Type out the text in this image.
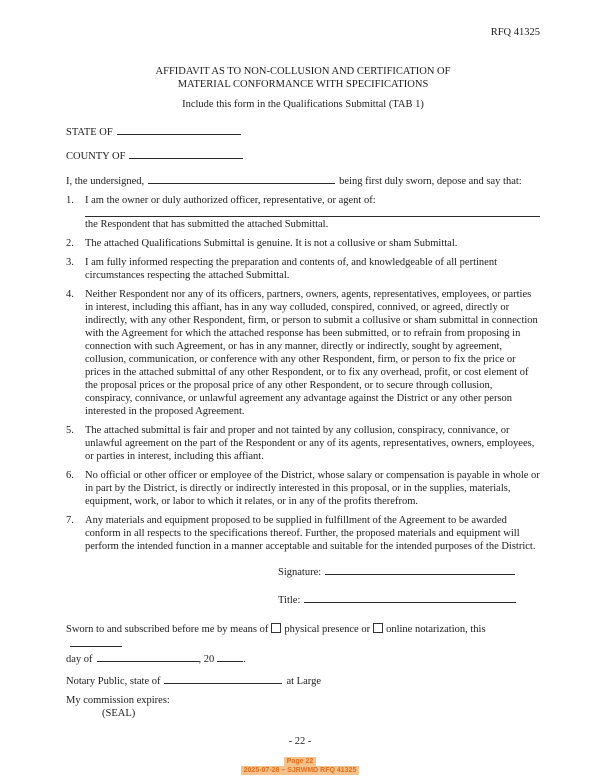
RFQ 41325
AFFIDAVIT AS TO NON-COLLUSION AND CERTIFICATION OF
MATERIAL CONFORMANCE WITH SPECIFICATIONS
Include this form in the Qualifications Submittal (TAB 1)
STATE OF
COUNTY OF
I, the undersigned,	being first duly sworn, depose and say that:
1.	I am the owner or duly authorized officer, representative, or agent of:
the Respondent that has submitted the attached Submittal.
2.	The attached Qualifications Submittal is genuine. It is not a collusive or sham Submittal.
3.	I am fully informed respecting the preparation and contents of, and knowledgeable of all pertinent circumstances respecting the attached Submittal.
4.	Neither Respondent nor any of its officers, partners, owners, agents, representatives, employees, or parties in interest, including this affiant, has in any way colluded, conspired, connived, or agreed, directly or indirectly, with any other Respondent, firm, or person to submit a collusive or sham submittal in connection with the Agreement for which the attached response has been submitted, or to refrain from proposing in connection with such Agreement, or has in any manner, directly or indirectly, sought by agreement, collusion, communication, or conference with any other Respondent, firm, or person to fix the price or prices in the attached submittal of any other Respondent, or to fix any overhead, profit, or cost element of the proposal prices or the proposal price of any other Respondent, or to secure through collusion, conspiracy, connivance, or unlawful agreement any advantage against the District or any other person interested in the proposed Agreement.
5.	The attached submittal is fair and proper and not tainted by any collusion, conspiracy, connivance, or unlawful agreement on the part of the Respondent or any of its agents, representatives, owners, employees, or parties in interest, including this affiant.
6.	No official or other officer or employee of the District, whose salary or compensation is payable in whole or in part by the District, is directly or indirectly interested in this proposal, or in the supplies, materials, equipment, work, or labor to which it relates, or in any of the profits therefrom.
7.	Any materials and equipment proposed to be supplied in fulfillment of the Agreement to be awarded conform in all respects to the specifications thereof. Further, the proposed materials and equipment will perform the intended function in a manner acceptable and suitable for the intended purposes of the District.
Signature:
Title:
Sworn to and subscribed before me by means of physical presence or online notarization, this
day of	, 20	.
Notary Public, state of	at Large
My commission expires:
(SEAL)
- 22 -
Page 22
2025-07-28 – SJRWMD RFQ 41325
